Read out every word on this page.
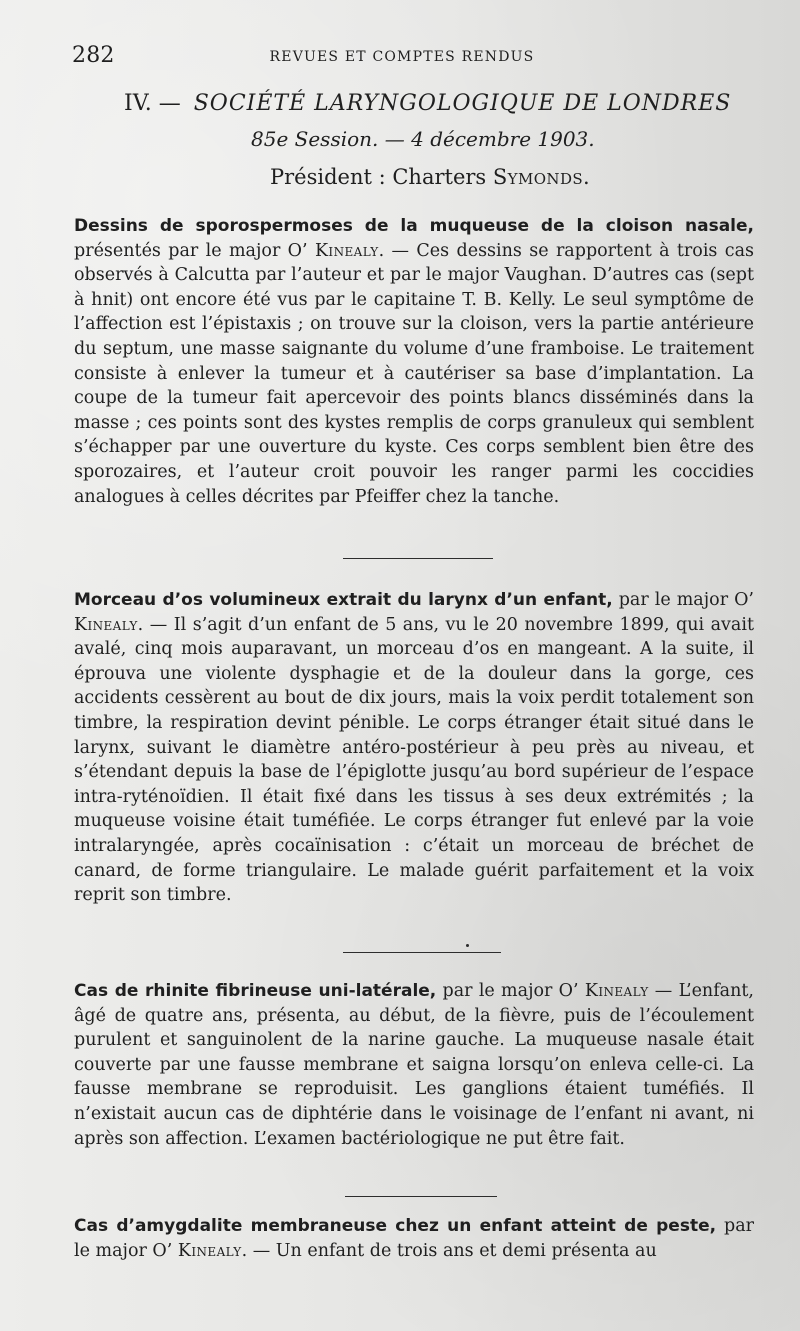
282	REVUES ET COMPTES RENDUS
IV. — SOCIÉTÉ LARYNGOLOGIQUE DE LONDRES
85e Session. — 4 décembre 1903.
Président : Charters Symonds.
Dessins de sporospermoses de la muqueuse de la cloison nasale, présentés par le major O’ Kinealy. — Ces dessins se rapportent à trois cas observés à Calcutta par l’auteur et par le major Vaughan. D’autres cas (sept à hnit) ont encore été vus par le capitaine T. B. Kelly. Le seul symptôme de l’affection est l’épistaxis ; on trouve sur la cloison, vers la partie antérieure du septum, une masse saignante du volume d’une framboise. Le traitement consiste à enlever la tumeur et à cautériser sa base d’implantation. La coupe de la tumeur fait apercevoir des points blancs disséminés dans la masse ; ces points sont des kystes remplis de corps granuleux qui semblent s’échapper par une ouverture du kyste. Ces corps semblent bien être des sporozaires, et l’auteur croit pouvoir les ranger parmi les coccidies analogues à celles décrites par Pfeiffer chez la tanche.
Morceau d’os volumineux extrait du larynx d’un enfant, par le major O’ Kinealy. — Il s’agit d’un enfant de 5 ans, vu le 20 novembre 1899, qui avait avalé, cinq mois auparavant, un morceau d’os en mangeant. A la suite, il éprouva une violente dysphagie et de la douleur dans la gorge, ces accidents cessèrent au bout de dix jours, mais la voix perdit totalement son timbre, la respiration devint pénible. Le corps étranger était situé dans le larynx, suivant le diamètre antéro-postérieur à peu près au niveau, et s’étendant depuis la base de l’épiglotte jusqu’au bord supérieur de l’espace intra-ryténoïdien. Il était fixé dans les tissus à ses deux extrémités ; la muqueuse voisine était tuméfiée. Le corps étranger fut enlevé par la voie intralaryngée, après cocaïnisation : c’était un morceau de bréchet de canard, de forme triangulaire. Le malade guérit parfaitement et la voix reprit son timbre.
Cas de rhinite fibrineuse uni-latérale, par le major O’ Kinealy — L’enfant, âgé de quatre ans, présenta, au début, de la fièvre, puis de l’écoulement purulent et sanguinolent de la narine gauche. La muqueuse nasale était couverte par une fausse membrane et saigna lorsqu’on enleva celle-ci. La fausse membrane se reproduisit. Les ganglions étaient tuméfiés. Il n’existait aucun cas de diphtérie dans le voisinage de l’enfant ni avant, ni après son affection. L’examen bactériologique ne put être fait.
Cas d’amygdalite membraneuse chez un enfant atteint de peste, par le major O’ Kinealy. — Un enfant de trois ans et demi présenta au
